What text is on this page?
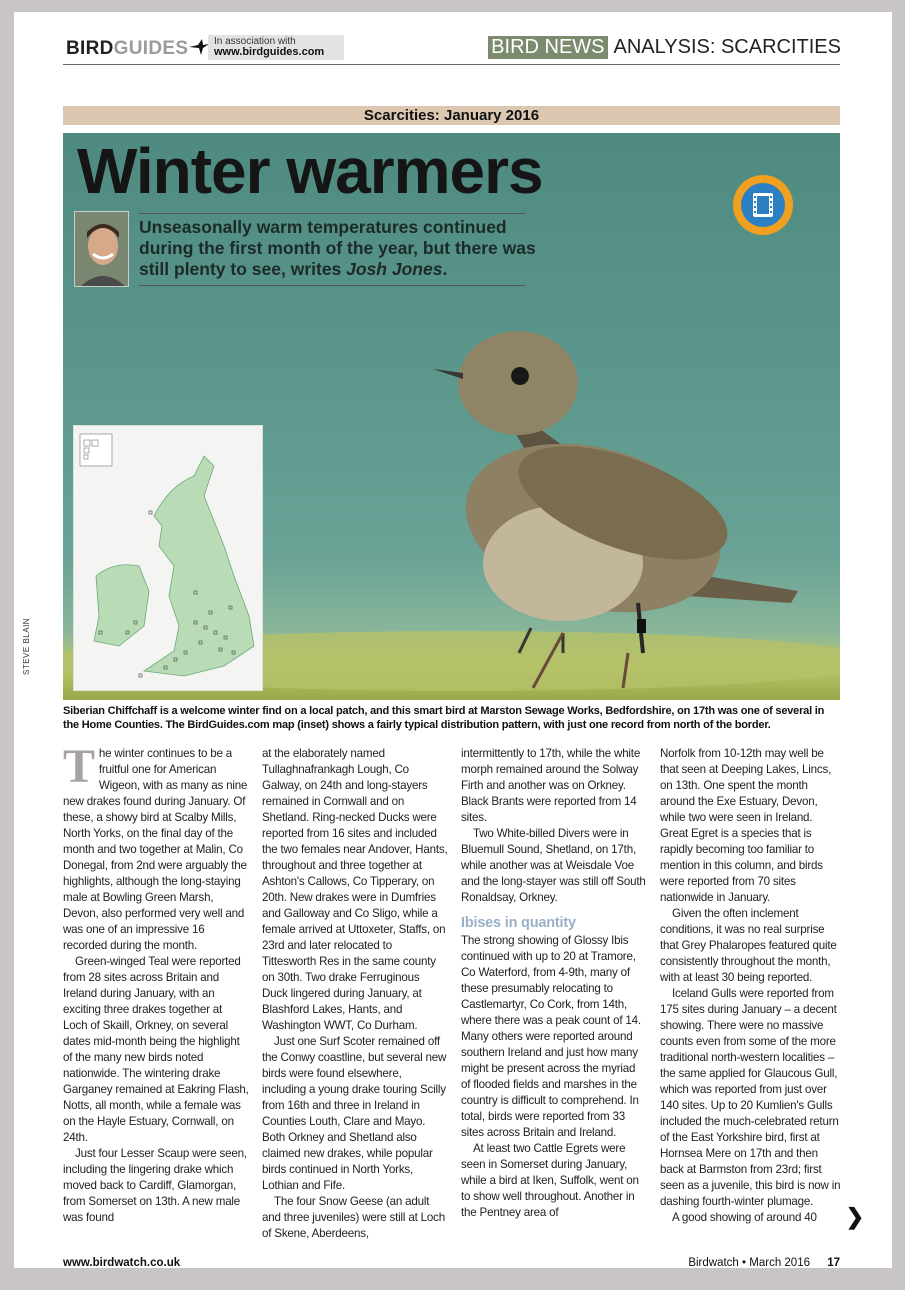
BIRDGUIDES	In association with
www.birdguides.com	BIRD NEWS ANALYSIS: SCARCITIES
Scarcities: January 2016
Winter warmers
Unseasonally warm temperatures continued during the first month of the year, but there was still plenty to see, writes Josh Jones.
STEVE BLAIN
Siberian Chiffchaff is a welcome winter find on a local patch, and this smart bird at Marston Sewage Works, Bedfordshire, on 17th was one of several in the Home Counties. The BirdGuides.com map (inset) shows a fairly typical distribution pattern, with just one record from north of the border.

The winter continues to be a fruitful one for American Wigeon, with as many as nine new drakes found during January. Of these, a showy bird at Scalby Mills, North Yorks, on the final day of the month and two together at Malin, Co Donegal, from 2nd were arguably the highlights, although the long-staying male at Bowling Green Marsh, Devon, also performed very well and was one of an impressive 16 recorded during the month.

Green-winged Teal were reported from 28 sites across Britain and Ireland during January, with an exciting three drakes together at Loch of Skaill, Orkney, on several dates mid-month being the highlight of the many new birds noted nationwide. The wintering drake Garganey remained at Eakring Flash, Notts, all month, while a female was on the Hayle Estuary, Cornwall, on 24th.

Just four Lesser Scaup were seen, including the lingering drake which moved back to Cardiff, Glamorgan, from Somerset on 13th. A new male was found

at the elaborately named Tullaghnafrankagh Lough, Co Galway, on 24th and long-stayers remained in Cornwall and on Shetland. Ring-necked Ducks were reported from 16 sites and included the two females near Andover, Hants, throughout and three together at Ashton's Callows, Co Tipperary, on 20th. New drakes were in Dumfries and Galloway and Co Sligo, while a female arrived at Uttoxeter, Staffs, on 23rd and later relocated to Tittesworth Res in the same county on 30th. Two drake Ferruginous Duck lingered during January, at Blashford Lakes, Hants, and Washington WWT, Co Durham.

Just one Surf Scoter remained off the Conwy coastline, but several new birds were found elsewhere, including a young drake touring Scilly from 16th and three in Ireland in Counties Louth, Clare and Mayo. Both Orkney and Shetland also claimed new drakes, while popular birds continued in North Yorks, Lothian and Fife.

The four Snow Geese (an adult and three juveniles) were still at Loch of Skene, Aberdeens,

intermittently to 17th, while the white morph remained around the Solway Firth and another was on Orkney. Black Brants were reported from 14 sites.

Two White-billed Divers were in Bluemull Sound, Shetland, on 17th, while another was at Weisdale Voe and the long-stayer was still off South Ronaldsay, Orkney.

Ibises in quantity

The strong showing of Glossy Ibis continued with up to 20 at Tramore, Co Waterford, from 4-9th, many of these presumably relocating to Castlemartyr, Co Cork, from 14th, where there was a peak count of 14. Many others were reported around southern Ireland and just how many might be present across the myriad of flooded fields and marshes in the country is difficult to comprehend. In total, birds were reported from 33 sites across Britain and Ireland.

At least two Cattle Egrets were seen in Somerset during January, while a bird at Iken, Suffolk, went on to show well throughout. Another in the Pentney area of

Norfolk from 10-12th may well be that seen at Deeping Lakes, Lincs, on 13th. One spent the month around the Exe Estuary, Devon, while two were seen in Ireland. Great Egret is a species that is rapidly becoming too familiar to mention in this column, and birds were reported from 70 sites nationwide in January.

Given the often inclement conditions, it was no real surprise that Grey Phalaropes featured quite consistently throughout the month, with at least 30 being reported.

Iceland Gulls were reported from 175 sites during January – a decent showing. There were no massive counts even from some of the more traditional north-western localities – the same applied for Glaucous Gull, which was reported from just over 140 sites. Up to 20 Kumlien's Gulls included the much-celebrated return of the East Yorkshire bird, first at Hornsea Mere on 17th and then back at Barmston from 23rd; first seen as a juvenile, this bird is now in dashing fourth-winter plumage.

A good showing of around 40	❯
www.birdwatch.co.uk	Birdwatch • March 2016 17
